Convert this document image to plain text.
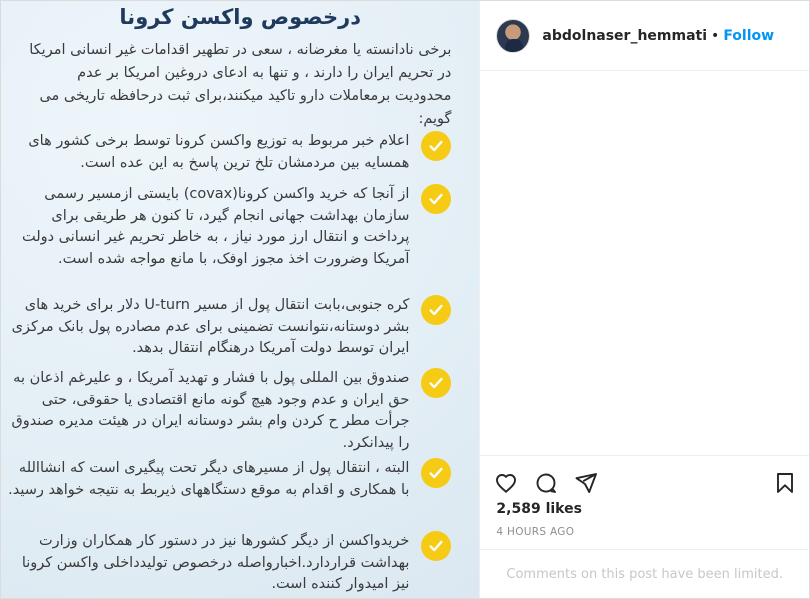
درخصوص واکسن کرونا
برخی نادانسته یا مغرضانه ، سعی در تطهیر اقدامات غیر انسانی امریکا در تحریم ایران را دارند ، و تنها به ادعای دروغین امریکا بر عدم محدودیت برمعاملات دارو تاکید میکنند،برای ثبت درحافظه تاریخی می گویم:
اعلام خبر مربوط به توزیع واکسن کرونا توسط برخی کشور های همسایه بین مردمشان تلخ ترین پاسخ به این عده است.
از آنجا که خرید واکسن کرونا(covax) بایستی ازمسیر رسمی سازمان بهداشت جهانی انجام گیرد، تا کنون هر طریقی برای پرداخت و انتقال ارز مورد نیاز ، به خاطر تحریم غیر انسانی دولت آمریکا وضرورت اخذ مجوز اوفک، با مانع مواجه شده است.
کره جنوبی،بابت انتقال پول از مسیر U-turn دلار برای خرید های بشر دوستانه،نتوانست تضمینی برای عدم مصادره پول بانک مرکزی ایران توسط دولت آمریکا درهنگام انتقال بدهد.
صندوق بین المللی پول با فشار و تهدید آمریکا ، و علیرغم اذعان به حق ایران و عدم وجود هیچ گونه مانع اقتصادی یا حقوقی، حتی جرأت مطر ح کردن وام بشر دوستانه ایران در هیئت مدیره صندوق را پیدانکرد.
البته ، انتقال پول از مسیرهای دیگر تحت پیگیری است که انشاالله با همکاری و اقدام به موقع دستگاههای ذیربط به نتیجه خواهد رسید.
خریدواکسن از دیگر کشورها نیز در دستور کار همکاران وزارت بهداشت قراردارد.اخبارواصله درخصوص تولیدداخلی واکسن کرونا نیز امیدوار کننده است.
abdolnaser_hemmati • Follow
2,589 likes
4 HOURS AGO
Comments on this post have been limited.
